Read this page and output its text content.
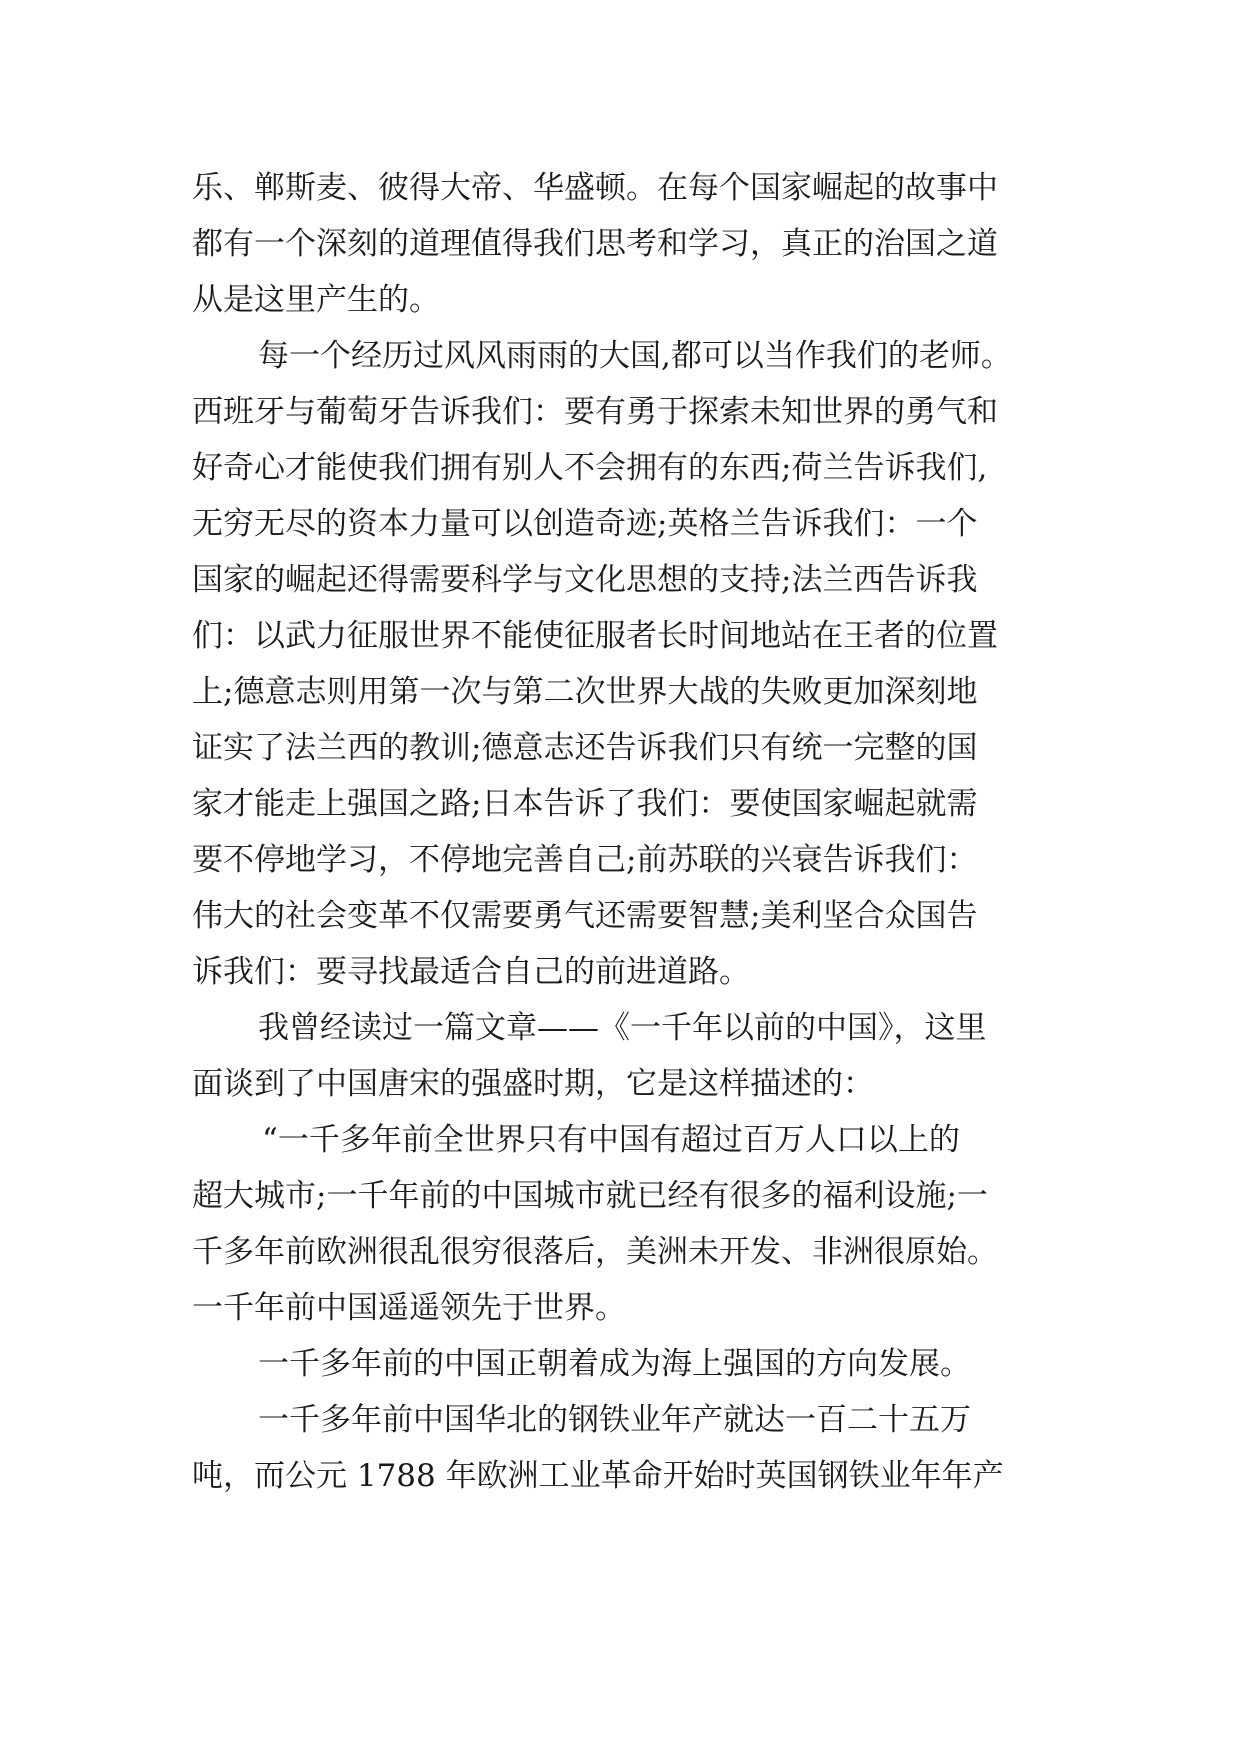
乐、郸斯麦、彼得大帝、华盛顿。在每个国家崛起的故事中
都有一个深刻的道理值得我们思考和学习，真正的治国之道
从是这里产生的。
每一个经历过风风雨雨的大国,都可以当作我们的老师。
西班牙与葡萄牙告诉我们：要有勇于探索未知世界的勇气和
好奇心才能使我们拥有别人不会拥有的东西;荷兰告诉我们,
无穷无尽的资本力量可以创造奇迹;英格兰告诉我们：一个
国家的崛起还得需要科学与文化思想的支持;法兰西告诉我
们：以武力征服世界不能使征服者长时间地站在王者的位置
上;德意志则用第一次与第二次世界大战的失败更加深刻地
证实了法兰西的教训;德意志还告诉我们只有统一完整的国
家才能走上强国之路;日本告诉了我们：要使国家崛起就需
要不停地学习，不停地完善自己;前苏联的兴衰告诉我们：
伟大的社会变革不仅需要勇气还需要智慧;美利坚合众国告
诉我们：要寻找最适合自己的前进道路。
我曾经读过一篇文章——《一千年以前的中国》，这里
面谈到了中国唐宋的强盛时期，它是这样描述的：
“一千多年前全世界只有中国有超过百万人口以上的
超大城市;一千年前的中国城市就已经有很多的福利设施;一
千多年前欧洲很乱很穷很落后，美洲未开发、非洲很原始。
一千年前中国遥遥领先于世界。
一千多年前的中国正朝着成为海上强国的方向发展。
一千多年前中国华北的钢铁业年产就达一百二十五万
吨，而公元 1788 年欧洲工业革命开始时英国钢铁业年年产
